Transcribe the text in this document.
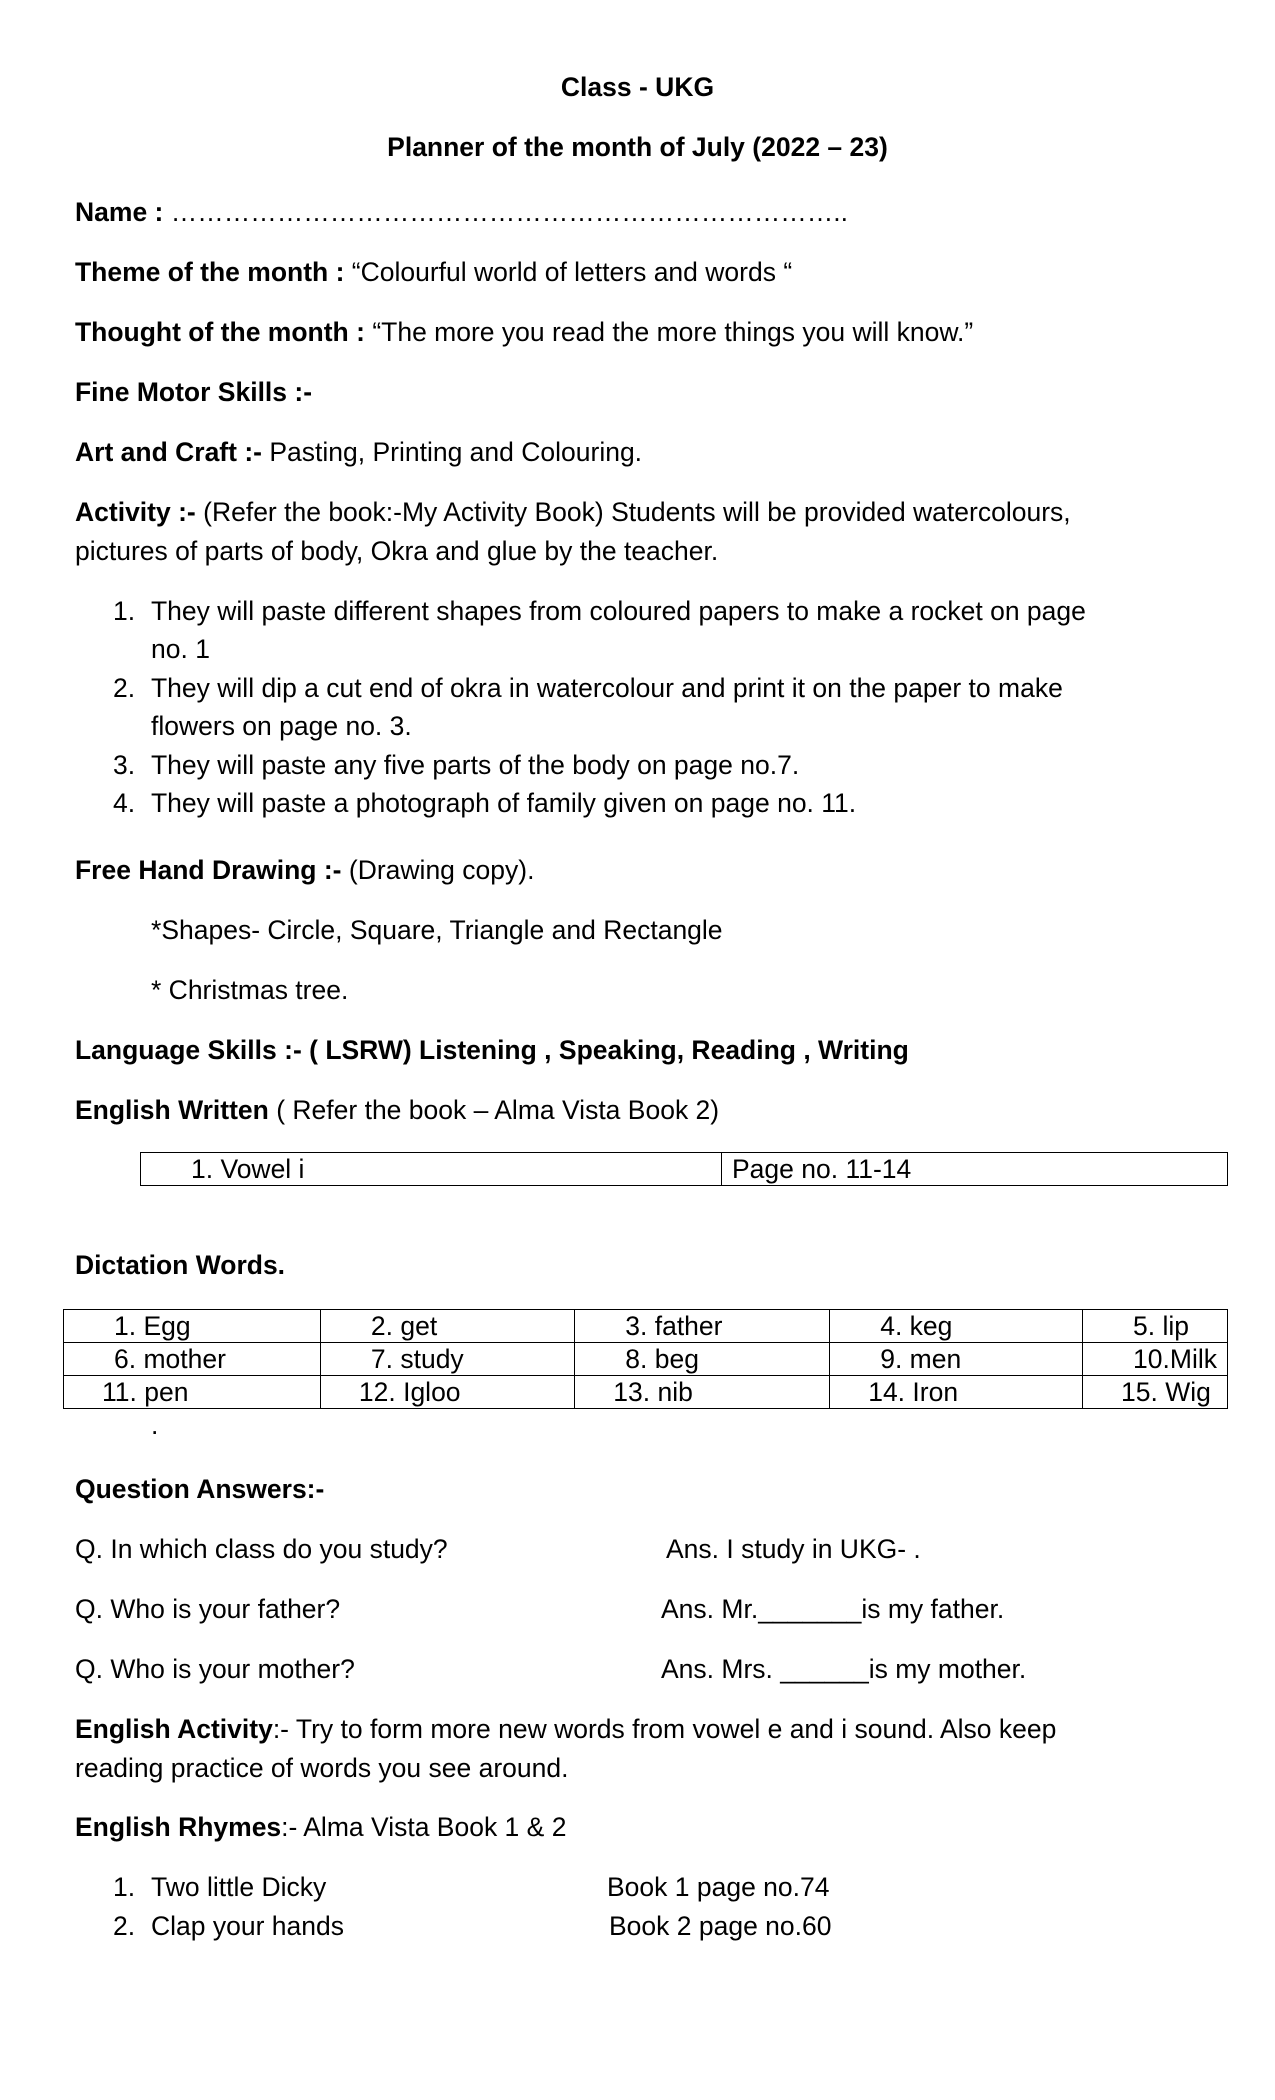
Class - UKG

Planner of the month of July (2022 – 23)

Name : …………………………………………………………………..
Theme of the month : “Colourful world of letters and words “
Thought of the month : “The more you read the more things you will know.”
Fine Motor Skills :-
Art and Craft :- Pasting, Printing and Colouring.
Activity :- (Refer the book:-My Activity Book) Students will be provided watercolours,
pictures of parts of body, Okra and glue by the teacher.
1. They will paste different shapes from coloured papers to make a rocket on page
no. 1
2. They will dip a cut end of okra in watercolour and print it on the paper to make
flowers on page no. 3.
3. They will paste any five parts of the body on page no.7.
4. They will paste a photograph of family given on page no. 11.
Free Hand Drawing :- (Drawing copy).
*Shapes- Circle, Square, Triangle and Rectangle
* Christmas tree.
Language Skills :- ( LSRW) Listening , Speaking, Reading , Writing
English Written ( Refer the book – Alma Vista Book 2)
1. Vowel i	Page no. 11-14
Dictation Words.
1. Egg	2. get	3. father	4. keg	5. lip
6. mother	7. study	8. beg	9. men	10.Milk
11. pen	12. Igloo	13. nib	14. Iron	15. Wig
.
Question Answers:-
Q. In which class do you study?	Ans. I study in UKG- .
Q. Who is your father?	Ans. Mr._______is my father.
Q. Who is your mother?	Ans. Mrs. ______is my mother.
English Activity:- Try to form more new words from vowel e and i sound. Also keep
reading practice of words you see around.
English Rhymes:- Alma Vista Book 1 & 2
1. Two little Dicky	Book 1 page no.74
2. Clap your hands	Book 2 page no.60
